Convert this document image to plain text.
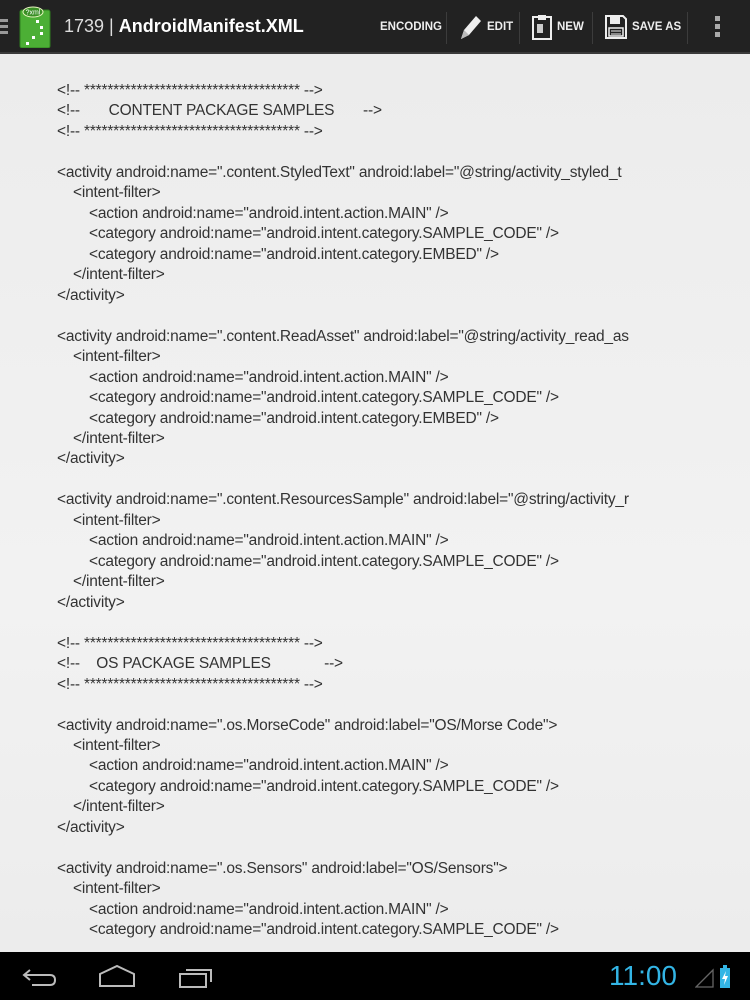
?xml
1739 | AndroidManifest.XML	ENCODING	EDIT	NEW	SAVE AS
<!-- ************************************* -->
<!--       CONTENT PACKAGE SAMPLES       -->
<!-- ************************************* -->
<activity android:name=".content.StyledText" android:label="@string/activity_styled_t
<intent-filter>
<action android:name="android.intent.action.MAIN" />
<category android:name="android.intent.category.SAMPLE_CODE" />
<category android:name="android.intent.category.EMBED" />
</intent-filter>
</activity>
<activity android:name=".content.ReadAsset" android:label="@string/activity_read_as
<intent-filter>
<action android:name="android.intent.action.MAIN" />
<category android:name="android.intent.category.SAMPLE_CODE" />
<category android:name="android.intent.category.EMBED" />
</intent-filter>
</activity>
<activity android:name=".content.ResourcesSample" android:label="@string/activity_r
<intent-filter>
<action android:name="android.intent.action.MAIN" />
<category android:name="android.intent.category.SAMPLE_CODE" />
</intent-filter>
</activity>
<!-- ************************************* -->
<!--    OS PACKAGE SAMPLES             -->
<!-- ************************************* -->
<activity android:name=".os.MorseCode" android:label="OS/Morse Code">
<intent-filter>
<action android:name="android.intent.action.MAIN" />
<category android:name="android.intent.category.SAMPLE_CODE" />
</intent-filter>
</activity>
<activity android:name=".os.Sensors" android:label="OS/Sensors">
<intent-filter>
<action android:name="android.intent.action.MAIN" />
<category android:name="android.intent.category.SAMPLE_CODE" />
11:00
